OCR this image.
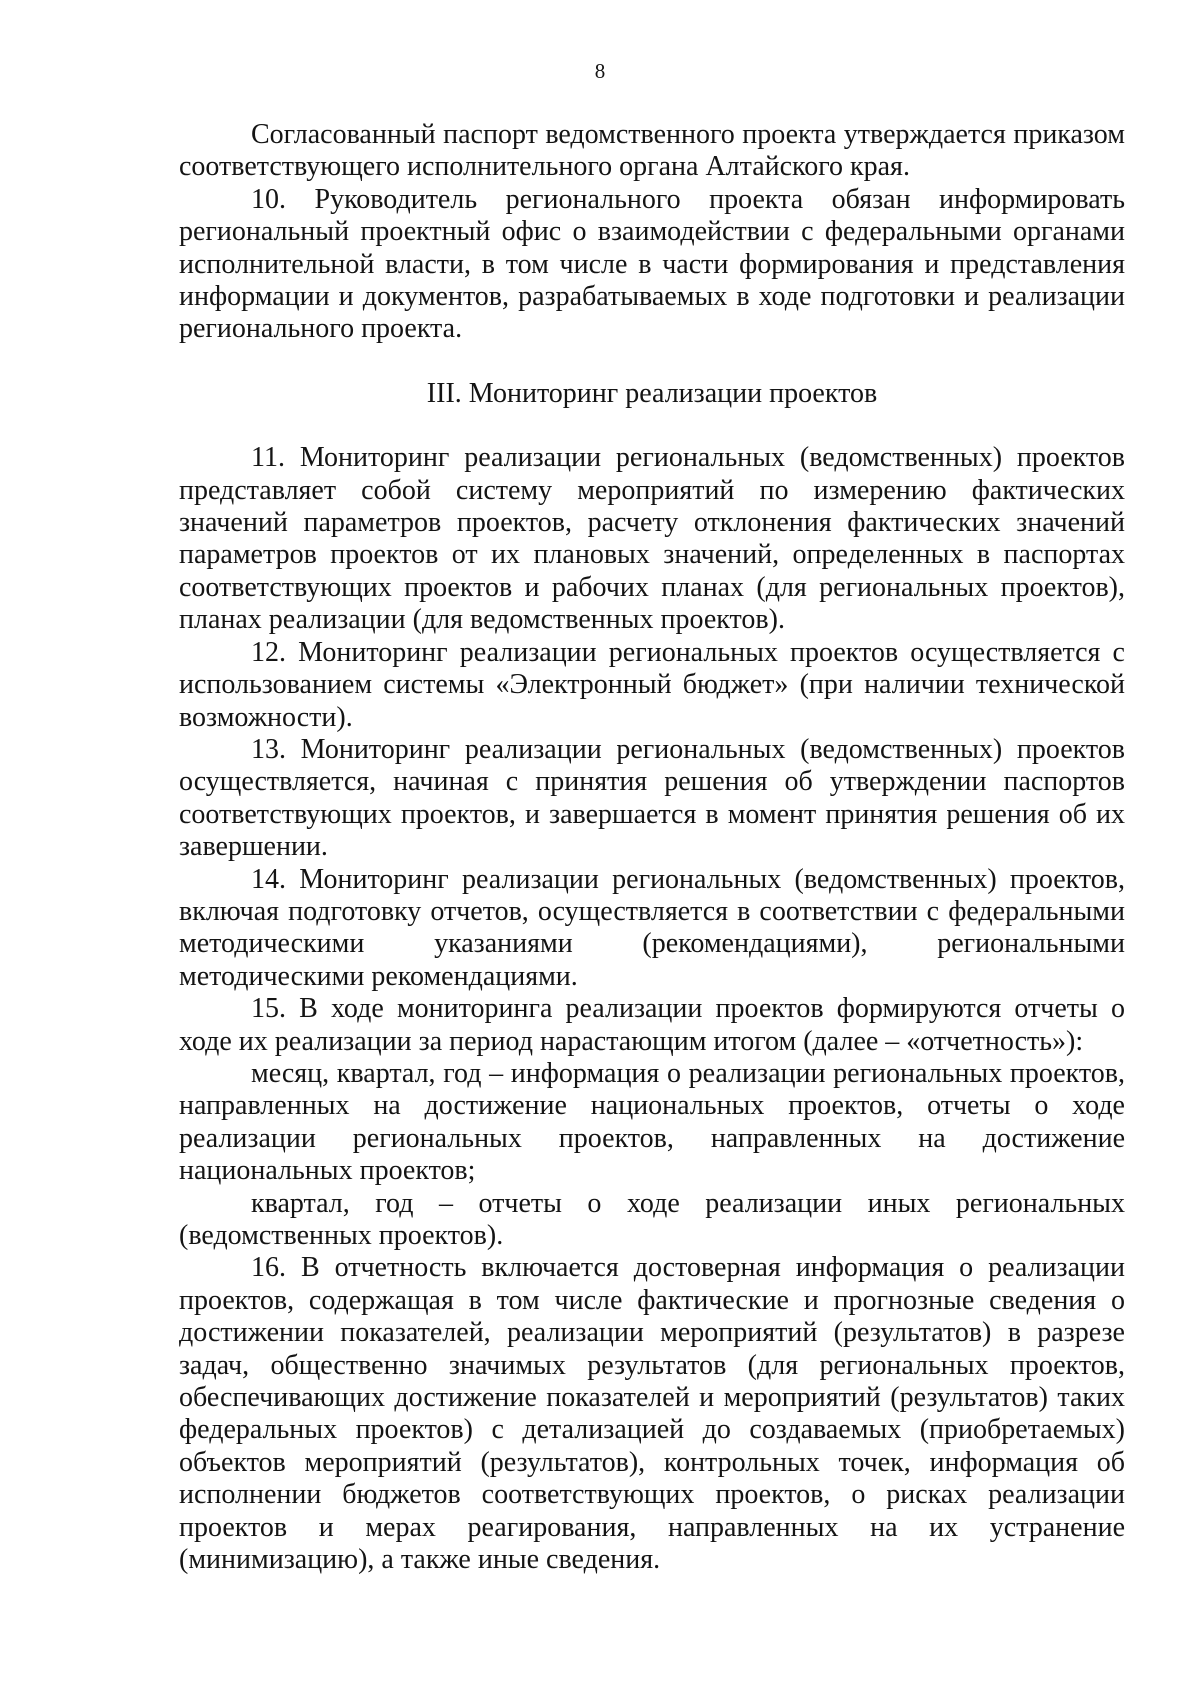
8

Согласованный паспорт ведомственного проекта утверждается приказом соответствующего исполнительного органа Алтайского края.

10. Руководитель регионального проекта обязан информировать региональный проектный офис о взаимодействии с федеральными органами исполнительной власти, в том числе в части формирования и представления информации и документов, разрабатываемых в ходе подготовки и реализации регионального проекта.

III. Мониторинг реализации проектов

11. Мониторинг реализации региональных (ведомственных) проектов представляет собой систему мероприятий по измерению фактических значений параметров проектов, расчету отклонения фактических значений параметров проектов от их плановых значений, определенных в паспортах соответствующих проектов и рабочих планах (для региональных проектов), планах реализации (для ведомственных проектов).

12. Мониторинг реализации региональных проектов осуществляется с использованием системы «Электронный бюджет» (при наличии технической возможности).

13. Мониторинг реализации региональных (ведомственных) проектов осуществляется, начиная с принятия решения об утверждении паспортов соответствующих проектов, и завершается в момент принятия решения об их завершении.

14. Мониторинг реализации региональных (ведомственных) проектов, включая подготовку отчетов, осуществляется в соответствии с федеральными методическими указаниями (рекомендациями), региональными методическими рекомендациями.

15. В ходе мониторинга реализации проектов формируются отчеты о ходе их реализации за период нарастающим итогом (далее – «отчетность»):

месяц, квартал, год – информация о реализации региональных проектов, направленных на достижение национальных проектов, отчеты о ходе реализации региональных проектов, направленных на достижение национальных проектов;

квартал, год – отчеты о ходе реализации иных региональных (ведомственных проектов).

16. В отчетность включается достоверная информация о реализации проектов, содержащая в том числе фактические и прогнозные сведения о достижении показателей, реализации мероприятий (результатов) в разрезе задач, общественно значимых результатов (для региональных проектов, обеспечивающих достижение показателей и мероприятий (результатов) таких федеральных проектов) с детализацией до создаваемых (приобретаемых) объектов мероприятий (результатов), контрольных точек, информация об исполнении бюджетов соответствующих проектов, о рисках реализации проектов и мерах реагирования, направленных на их устранение (минимизацию), а также иные сведения.
